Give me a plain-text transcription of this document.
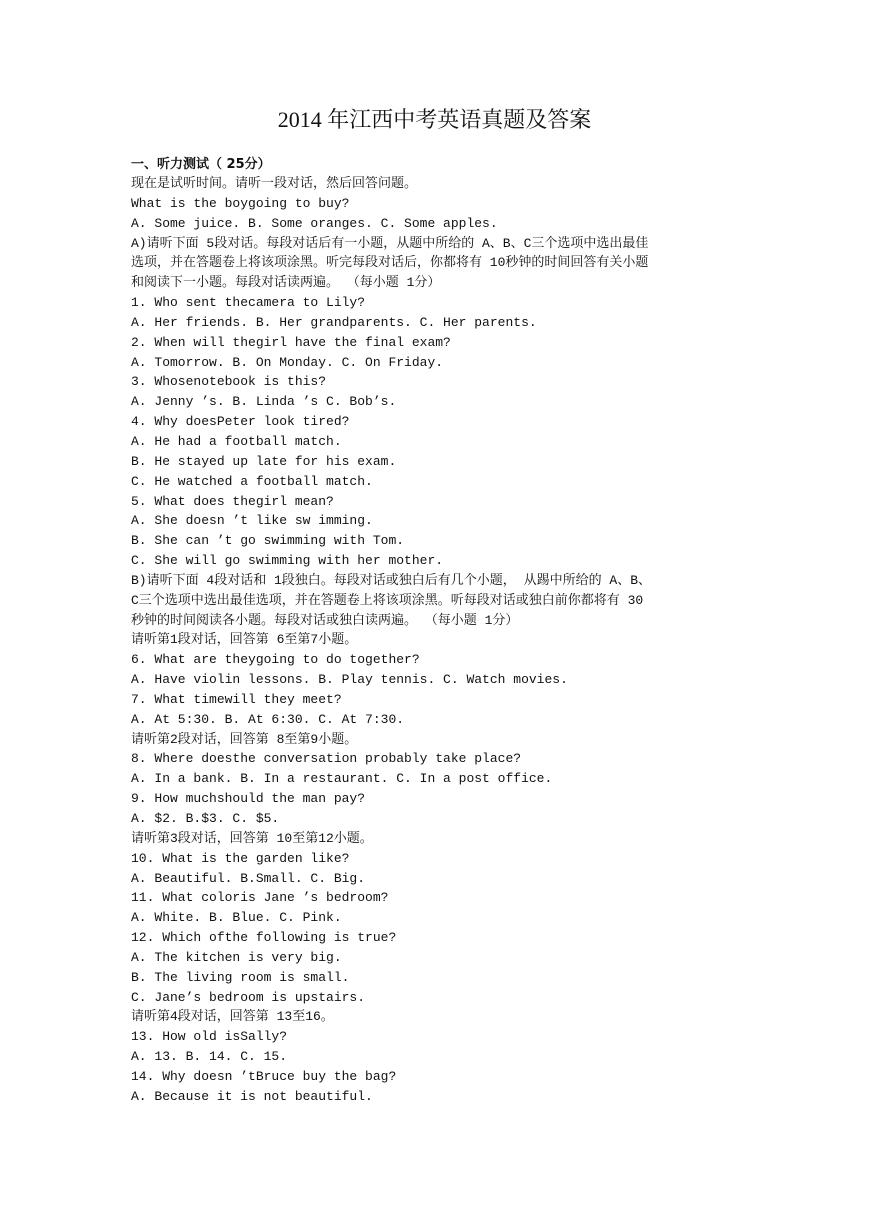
2014 年江西中考英语真题及答案
一、听力测试（ 25分）
现在是试听时间。请听一段对话，然后回答问题。
What is the boygoing to buy?
A. Some juice. B. Some oranges. C. Some apples.
A)请听下面 5段对话。每段对话后有一小题，从题中所给的 A、B、C三个选项中选出最佳
选项，并在答题卷上将该项涂黑。听完每段对话后，你都将有 10秒钟的时间回答有关小题
和阅读下一小题。每段对话读两遍。 （每小题 1分）
1. Who sent thecamera to Lily?
A. Her friends. B. Her grandparents. C. Her parents.
2. When will thegirl have the final exam?
A. Tomorrow. B. On Monday. C. On Friday.
3. Whosenotebook is this?
A. Jenny ’s. B. Linda ’s C. Bob’s.
4. Why doesPeter look tired?
A. He had a football match.
B. He stayed up late for his exam.
C. He watched a football match.
5. What does thegirl mean?
A. She doesn ’t like sw imming.
B. She can ’t go swimming with Tom.
C. She will go swimming with her mother.
B)请听下面 4段对话和 1段独白。每段对话或独白后有几个小题， 从踢中所给的 A、B、
C三个选项中选出最佳选项，并在答题卷上将该项涂黑。听每段对话或独白前你都将有 30
秒钟的时间阅读各小题。每段对话或独白读两遍。 （每小题 1分）
请听第1段对话，回答第 6至第7小题。
6. What are theygoing to do together?
A. Have violin lessons. B. Play tennis. C. Watch movies.
7. What timewill they meet?
A. At 5:30. B. At 6:30. C. At 7:30.
请听第2段对话，回答第 8至第9小题。
8. Where doesthe conversation probably take place?
A. In a bank. B. In a restaurant. C. In a post office.
9. How muchshould the man pay?
A. $2. B.$3. C. $5.
请听第3段对话，回答第 10至第12小题。
10. What is the garden like?
A. Beautiful. B.Small. C. Big.
11. What coloris Jane ’s bedroom?
A. White. B. Blue. C. Pink.
12. Which ofthe following is true?
A. The kitchen is very big.
B. The living room is small.
C. Jane’s bedroom is upstairs.
请听第4段对话，回答第 13至16。
13. How old isSally?
A. 13. B. 14. C. 15.
14. Why doesn ’tBruce buy the bag?
A. Because it is not beautiful.
